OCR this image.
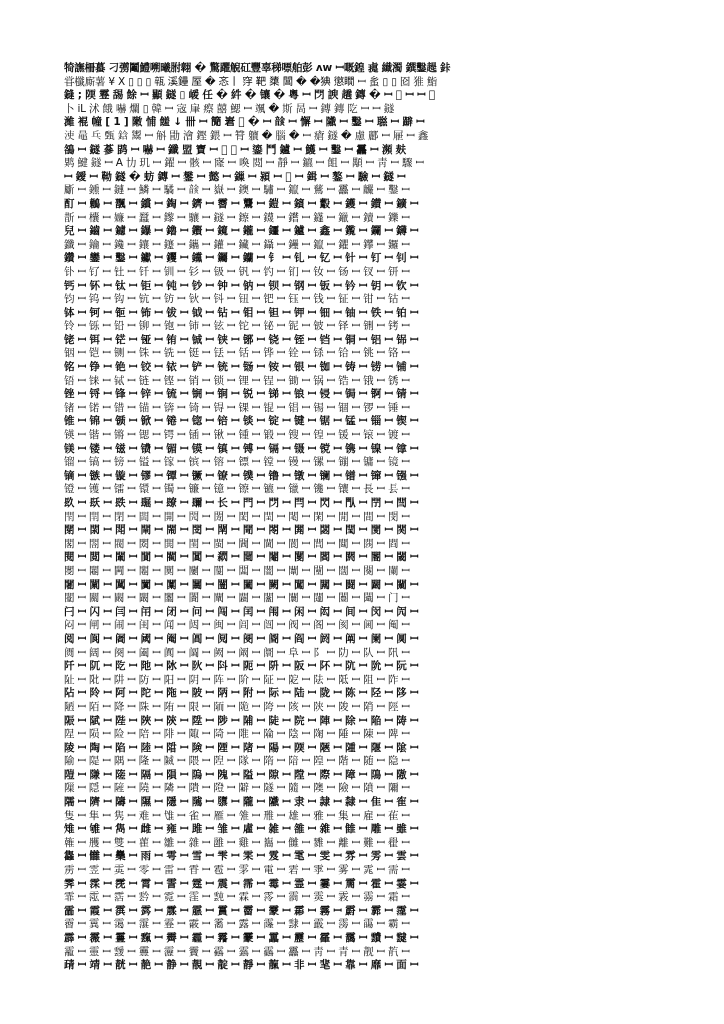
犄譕柵蟇 刁彅鬮鱧嗍曦胕翺 � 驚躣觬矼豐辜稊嘌舶彭 ʌw ꟷ嘅鍠 䶶 纎濁 鐉鑿趧 鉲
甞櫼廝薯 ¥ X ▯ ▯ ▯ 𤭢 溪鑸 厔 � 忞丨 窏 靶 橥 閶 � �猠 懲瞯 ꟷ 蚃 ▯ ▯ 囵 猚 鮨
鏠 ; 陾 霯 舓 餘 ꟷ 顯 鐩 ▯ 嵈 任 � 䋅 � 镶 � 粵 ꟷ 閁 諛 趫 鏄 � ꟷ 𤾖 ꟷ ꟷ 𤾖
卜 iL 沭 餓 嚇 爛 ▯ 韓 ꟷ 宼 肁 瘵 囍 鰓 ꟷ 颯 � 斯 晑 ꟷ 鏄 鏄 阣 ꟷ ꟷ 鐩
濰 裩 幢 [ 1 ] 敶 悑 饈 ↓ 卌 ꟷ 𥳑 㟒 𤾖 � ꟷ 𩐰 ꟷ 懈 ꟷ 隵 ꟷ 鑿 ꟷ 聮 ꟷ 躃 ꟷ
𣳪 鼂 乓 甄 鋡 鬻 ꟷ 斛 勖 澮 鏗 鍡 ꟷ 甧 軉 � 腦 � ꟷ 瘡 鐩 � 慮 酈 ꟷ 屜 ꟷ 鑫
鵅 ꟷ 鐩 蔘 鹍 ꟷ 嚇 ꟷ 鑯 盟 寶 ꟷ 𤾖 鐩 ꟷ 鎏 鬥 鑪 ꟷ 鱯 ꟷ 鑿 ꟷ 靐 ꟷ 瀕 麸
䴗 鰎 鐩 ꟷ A 㔹 玑 ꟷ 鑃 ꟷ 骸 ꟷ 㝫 ꟷ 喚 閲 ꟷ 靜 ꟷ 鑣 ꟷ 飷 ꟷ 顒 ꟷ 靑 ꟷ 驟 ꟷ
ꟷ 鑀 ꟷ 靿 鐩 � 蚄 鏄 ꟷ 鐢 ꟷ 懿 ꟷ 鏁 ꟷ 潁 ꟷ 𤾖 ꟷ 鍓 ꟷ 鏊 ꟷ 驗 ꟷ 鐩 ꟷ
斸 ꟷ 鑂 ꟷ 鏈 ꟷ 鱗 ꟷ 驈 ꟷ 𩐰 ꟷ 嶽 ꟷ 鐭 ꟷ 驌 ꟷ 鑹 ꟷ 鶿 ꟷ 靐 ꟷ 麣 ꟷ 鑿 ꟷ
酊 ꟷ 鶒 ꟷ 飁 ꟷ 鑜 ꟷ 鋾 ꟷ 鑇 ꟷ 霫 ꟷ 驡 ꟷ 鎧 ꟷ 鑌 ꟷ 鷇 ꟷ 鑊 ꟷ 鑚 ꟷ 鑛 ꟷ
斮 ꟷ 欜 ꟷ 嬚 ꟷ 蠶 ꟷ 鑗 ꟷ 驤 ꟷ 鐩 ꟷ 鑔 ꟷ 鑖 ꟷ 鑙 ꟷ 鑝 ꟷ 鑞 ꟷ 鑟 ꟷ 鑠 ꟷ
兒 ꟷ 鑡 ꟷ 鑢 ꟷ 鑤 ꟷ 鑥 ꟷ 鑦 ꟷ 鑧 ꟷ 鑨 ꟷ 鑩 ꟷ 鑪 ꟷ 鑫 ꟷ 鑬 ꟷ 鑭 ꟷ 鑮 ꟷ
鑯 ꟷ 鑰 ꟷ 鑱 ꟷ 鑲 ꟷ 鑳 ꟷ 鑴 ꟷ 鑵 ꟷ 鑶 ꟷ 鑷 ꟷ 鑸 ꟷ 鑹 ꟷ 鑺 ꟷ 鑻 ꟷ 鑼 ꟷ
鑽 ꟷ 鑾 ꟷ 鑿 ꟷ 钀 ꟷ 钁 ꟷ 钂 ꟷ 钃 ꟷ 钄 ꟷ 钅 ꟷ 钆 ꟷ 钇 ꟷ 针 ꟷ 钉 ꟷ 钊 ꟷ
钋 ꟷ 钌 ꟷ 钍 ꟷ 钎 ꟷ 钏 ꟷ 钐 ꟷ 钑 ꟷ 钒 ꟷ 钓 ꟷ 钔 ꟷ 钕 ꟷ 钖 ꟷ 钗 ꟷ 钘 ꟷ
钙 ꟷ 钚 ꟷ 钛 ꟷ 钜 ꟷ 钝 ꟷ 钞 ꟷ 钟 ꟷ 钠 ꟷ 钡 ꟷ 钢 ꟷ 钣 ꟷ 钤 ꟷ 钥 ꟷ 钦 ꟷ
钧 ꟷ 钨 ꟷ 钩 ꟷ 钪 ꟷ 钫 ꟷ 钬 ꟷ 钭 ꟷ 钮 ꟷ 钯 ꟷ 钰 ꟷ 钱 ꟷ 钲 ꟷ 钳 ꟷ 钴 ꟷ
钵 ꟷ 钶 ꟷ 钷 ꟷ 钸 ꟷ 钹 ꟷ 钺 ꟷ 钻 ꟷ 钼 ꟷ 钽 ꟷ 钾 ꟷ 钿 ꟷ 铀 ꟷ 铁 ꟷ 铂 ꟷ
铃 ꟷ 铄 ꟷ 铅 ꟷ 铆 ꟷ 铇 ꟷ 铈 ꟷ 铉 ꟷ 铊 ꟷ 铋 ꟷ 铌 ꟷ 铍 ꟷ 铎 ꟷ 铏 ꟷ 铐 ꟷ
铑 ꟷ 铒 ꟷ 铓 ꟷ 铔 ꟷ 铕 ꟷ 铖 ꟷ 铗 ꟷ 铘 ꟷ 铙 ꟷ 铚 ꟷ 铛 ꟷ 铜 ꟷ 铝 ꟷ 铞 ꟷ
铟 ꟷ 铠 ꟷ 铡 ꟷ 铢 ꟷ 铣 ꟷ 铤 ꟷ 铥 ꟷ 铦 ꟷ 铧 ꟷ 铨 ꟷ 铩 ꟷ 铪 ꟷ 铫 ꟷ 铬 ꟷ
铭 ꟷ 铮 ꟷ 铯 ꟷ 铰 ꟷ 铱 ꟷ 铲 ꟷ 铳 ꟷ 铴 ꟷ 铵 ꟷ 银 ꟷ 铷 ꟷ 铸 ꟷ 铹 ꟷ 铺 ꟷ
铻 ꟷ 铼 ꟷ 铽 ꟷ 链 ꟷ 铿 ꟷ 销 ꟷ 锁 ꟷ 锂 ꟷ 锃 ꟷ 锄 ꟷ 锅 ꟷ 锆 ꟷ 锇 ꟷ 锈 ꟷ
锉 ꟷ 锊 ꟷ 锋 ꟷ 锌 ꟷ 锍 ꟷ 锎 ꟷ 锏 ꟷ 锐 ꟷ 锑 ꟷ 锒 ꟷ 锓 ꟷ 锔 ꟷ 锕 ꟷ 锖 ꟷ
锗 ꟷ 锘 ꟷ 错 ꟷ 锚 ꟷ 锛 ꟷ 锜 ꟷ 锝 ꟷ 锞 ꟷ 锟 ꟷ 锠 ꟷ 锡 ꟷ 锢 ꟷ 锣 ꟷ 锤 ꟷ
锥 ꟷ 锦 ꟷ 锧 ꟷ 锨 ꟷ 锩 ꟷ 锪 ꟷ 锫 ꟷ 锬 ꟷ 锭 ꟷ 键 ꟷ 锯 ꟷ 锰 ꟷ 锱 ꟷ 锲 ꟷ
锳 ꟷ 锴 ꟷ 锵 ꟷ 锶 ꟷ 锷 ꟷ 锸 ꟷ 锹 ꟷ 锺 ꟷ 锻 ꟷ 锼 ꟷ 锽 ꟷ 锾 ꟷ 锿 ꟷ 镀 ꟷ
镁 ꟷ 镂 ꟷ 镃 ꟷ 镄 ꟷ 镅 ꟷ 镆 ꟷ 镇 ꟷ 镈 ꟷ 镉 ꟷ 镊 ꟷ 镋 ꟷ 镌 ꟷ 镍 ꟷ 镎 ꟷ
镏 ꟷ 镐 ꟷ 镑 ꟷ 镒 ꟷ 镓 ꟷ 镔 ꟷ 镕 ꟷ 镖 ꟷ 镗 ꟷ 镘 ꟷ 镙 ꟷ 镚 ꟷ 镛 ꟷ 镜 ꟷ
镝 ꟷ 镞 ꟷ 镟 ꟷ 镠 ꟷ 镡 ꟷ 镢 ꟷ 镣 ꟷ 镤 ꟷ 镥 ꟷ 镦 ꟷ 镧 ꟷ 镨 ꟷ 镩 ꟷ 镪 ꟷ
镫 ꟷ 镬 ꟷ 镭 ꟷ 镮 ꟷ 镯 ꟷ 镰 ꟷ 镱 ꟷ 镲 ꟷ 镳 ꟷ 镴 ꟷ 镵 ꟷ 镶 ꟷ 長 ꟷ 镸 ꟷ
镹 ꟷ 镺 ꟷ 镻 ꟷ 镼 ꟷ 镽 ꟷ 镾 ꟷ 长 ꟷ 門 ꟷ 閁 ꟷ 閂 ꟷ 閃 ꟷ 閄 ꟷ 閅 ꟷ 閆 ꟷ
閇 ꟷ 閈 ꟷ 閉 ꟷ 閊 ꟷ 開 ꟷ 閌 ꟷ 閍 ꟷ 閎 ꟷ 閏 ꟷ 閐 ꟷ 閑 ꟷ 閒 ꟷ 間 ꟷ 閔 ꟷ
閕 ꟷ 閖 ꟷ 閗 ꟷ 閘 ꟷ 閙 ꟷ 閚 ꟷ 閛 ꟷ 閜 ꟷ 閝 ꟷ 閞 ꟷ 閟 ꟷ 閠 ꟷ 閡 ꟷ 関 ꟷ
閣 ꟷ 閤 ꟷ 閥 ꟷ 閦 ꟷ 閧 ꟷ 閨 ꟷ 閩 ꟷ 閪 ꟷ 閫 ꟷ 閬 ꟷ 閭 ꟷ 閮 ꟷ 閯 ꟷ 閰 ꟷ
閱 ꟷ 閲 ꟷ 閳 ꟷ 閴 ꟷ 閵 ꟷ 閶 ꟷ 閷 ꟷ 閸 ꟷ 閹 ꟷ 閺 ꟷ 閻 ꟷ 閼 ꟷ 閽 ꟷ 閾 ꟷ
閿 ꟷ 闀 ꟷ 闁 ꟷ 闂 ꟷ 闃 ꟷ 闄 ꟷ 闅 ꟷ 闆 ꟷ 闇 ꟷ 闈 ꟷ 闉 ꟷ 闊 ꟷ 闋 ꟷ 闌 ꟷ
闍 ꟷ 闎 ꟷ 闏 ꟷ 闐 ꟷ 闑 ꟷ 闒 ꟷ 闓 ꟷ 闔 ꟷ 闕 ꟷ 闖 ꟷ 闗 ꟷ 闘 ꟷ 闙 ꟷ 闚 ꟷ
闛 ꟷ 關 ꟷ 闝 ꟷ 闞 ꟷ 闟 ꟷ 闠 ꟷ 闡 ꟷ 闢 ꟷ 闣 ꟷ 闤 ꟷ 闥 ꟷ 闦 ꟷ 闧 ꟷ 门 ꟷ
闩 ꟷ 闪 ꟷ 闫 ꟷ 闬 ꟷ 闭 ꟷ 问 ꟷ 闯 ꟷ 闰 ꟷ 闱 ꟷ 闲 ꟷ 闳 ꟷ 间 ꟷ 闵 ꟷ 闶 ꟷ
闷 ꟷ 闸 ꟷ 闹 ꟷ 闺 ꟷ 闻 ꟷ 闼 ꟷ 闽 ꟷ 闾 ꟷ 闿 ꟷ 阀 ꟷ 阁 ꟷ 阂 ꟷ 阃 ꟷ 阄 ꟷ
阅 ꟷ 阆 ꟷ 阇 ꟷ 阈 ꟷ 阉 ꟷ 阊 ꟷ 阋 ꟷ 阌 ꟷ 阍 ꟷ 阎 ꟷ 阏 ꟷ 阐 ꟷ 阑 ꟷ 阒 ꟷ
阓 ꟷ 阔 ꟷ 阕 ꟷ 阖 ꟷ 阗 ꟷ 阘 ꟷ 阙 ꟷ 阚 ꟷ 阛 ꟷ 阜 ꟷ 阝 ꟷ 阞 ꟷ 队 ꟷ 阠 ꟷ
阡 ꟷ 阢 ꟷ 阣 ꟷ 阤 ꟷ 阥 ꟷ 阦 ꟷ 阧 ꟷ 阨 ꟷ 阩 ꟷ 阪 ꟷ 阫 ꟷ 阬 ꟷ 阭 ꟷ 阮 ꟷ
阯 ꟷ 阰 ꟷ 阱 ꟷ 防 ꟷ 阳 ꟷ 阴 ꟷ 阵 ꟷ 阶 ꟷ 阷 ꟷ 阸 ꟷ 阹 ꟷ 阺 ꟷ 阻 ꟷ 阼 ꟷ
阽 ꟷ 阾 ꟷ 阿 ꟷ 陀 ꟷ 陁 ꟷ 陂 ꟷ 陃 ꟷ 附 ꟷ 际 ꟷ 陆 ꟷ 陇 ꟷ 陈 ꟷ 陉 ꟷ 陊 ꟷ
陋 ꟷ 陌 ꟷ 降 ꟷ 陎 ꟷ 陏 ꟷ 限 ꟷ 陑 ꟷ 陒 ꟷ 陓 ꟷ 陔 ꟷ 陕 ꟷ 陖 ꟷ 陗 ꟷ 陘 ꟷ
陙 ꟷ 陚 ꟷ 陛 ꟷ 陜 ꟷ 陝 ꟷ 陞 ꟷ 陟 ꟷ 陠 ꟷ 陡 ꟷ 院 ꟷ 陣 ꟷ 除 ꟷ 陥 ꟷ 陦 ꟷ
陧 ꟷ 陨 ꟷ 险 ꟷ 陪 ꟷ 陫 ꟷ 陬 ꟷ 陭 ꟷ 陮 ꟷ 陯 ꟷ 陰 ꟷ 陱 ꟷ 陲 ꟷ 陳 ꟷ 陴 ꟷ
陵 ꟷ 陶 ꟷ 陷 ꟷ 陸 ꟷ 陹 ꟷ 険 ꟷ 陻 ꟷ 陼 ꟷ 陽 ꟷ 陾 ꟷ 陿 ꟷ 隀 ꟷ 隁 ꟷ 隂 ꟷ
隃 ꟷ 隄 ꟷ 隅 ꟷ 隆 ꟷ 隇 ꟷ 隈 ꟷ 隉 ꟷ 隊 ꟷ 隋 ꟷ 隌 ꟷ 隍 ꟷ 階 ꟷ 随 ꟷ 隐 ꟷ
隑 ꟷ 隒 ꟷ 隓 ꟷ 隔 ꟷ 隕 ꟷ 隖 ꟷ 隗 ꟷ 隘 ꟷ 隙 ꟷ 隚 ꟷ 際 ꟷ 障 ꟷ 隝 ꟷ 隞 ꟷ
隟 ꟷ 隠 ꟷ 隡 ꟷ 隢 ꟷ 隣 ꟷ 隤 ꟷ 隥 ꟷ 隦 ꟷ 隧 ꟷ 隨 ꟷ 隩 ꟷ 險 ꟷ 隫 ꟷ 隬 ꟷ
隭 ꟷ 隮 ꟷ 隯 ꟷ 隰 ꟷ 隱 ꟷ 隲 ꟷ 隳 ꟷ 隴 ꟷ 隵 ꟷ 隶 ꟷ 隷 ꟷ 隸 ꟷ 隹 ꟷ 隺 ꟷ
隻 ꟷ 隼 ꟷ 隽 ꟷ 难 ꟷ 隿 ꟷ 雀 ꟷ 雁 ꟷ 雂 ꟷ 雃 ꟷ 雄 ꟷ 雅 ꟷ 集 ꟷ 雇 ꟷ 雈 ꟷ
雉 ꟷ 雊 ꟷ 雋 ꟷ 雌 ꟷ 雍 ꟷ 雎 ꟷ 雏 ꟷ 雐 ꟷ 雑 ꟷ 雒 ꟷ 雓 ꟷ 雔 ꟷ 雕 ꟷ 雖 ꟷ
雗 ꟷ 雘 ꟷ 雙 ꟷ 雚 ꟷ 雛 ꟷ 雜 ꟷ 雝 ꟷ 雞 ꟷ 雟 ꟷ 雠 ꟷ 雡 ꟷ 離 ꟷ 難 ꟷ 雤 ꟷ
雥 ꟷ 雦 ꟷ 雧 ꟷ 雨 ꟷ 雩 ꟷ 雪 ꟷ 雫 ꟷ 雬 ꟷ 雭 ꟷ 雮 ꟷ 雯 ꟷ 雰 ꟷ 雱 ꟷ 雲 ꟷ
雳 ꟷ 雴 ꟷ 雵 ꟷ 零 ꟷ 雷 ꟷ 雸 ꟷ 雹 ꟷ 雺 ꟷ 電 ꟷ 雼 ꟷ 雽 ꟷ 雾 ꟷ 雿 ꟷ 需 ꟷ
霁 ꟷ 霂 ꟷ 霃 ꟷ 霄 ꟷ 霅 ꟷ 霆 ꟷ 震 ꟷ 霈 ꟷ 霉 ꟷ 霊 ꟷ 霋 ꟷ 霌 ꟷ 霍 ꟷ 霎 ꟷ
霏 ꟷ 霐 ꟷ 霑 ꟷ 霒 ꟷ 霓 ꟷ 霔 ꟷ 霕 ꟷ 霖 ꟷ 霗 ꟷ 霘 ꟷ 霙 ꟷ 霚 ꟷ 霛 ꟷ 霜 ꟷ
霝 ꟷ 霞 ꟷ 霟 ꟷ 霠 ꟷ 霡 ꟷ 霢 ꟷ 霣 ꟷ 霤 ꟷ 霥 ꟷ 霦 ꟷ 霧 ꟷ 霨 ꟷ 霩 ꟷ 霪 ꟷ
霫 ꟷ 霬 ꟷ 霭 ꟷ 霮 ꟷ 霯 ꟷ 霰 ꟷ 霱 ꟷ 露 ꟷ 霳 ꟷ 霴 ꟷ 霵 ꟷ 霶 ꟷ 霷 ꟷ 霸 ꟷ
霹 ꟷ 霺 ꟷ 霻 ꟷ 霼 ꟷ 霽 ꟷ 霾 ꟷ 霿 ꟷ 靀 ꟷ 靁 ꟷ 靂 ꟷ 靃 ꟷ 靄 ꟷ 靅 ꟷ 靆 ꟷ
靇 ꟷ 靈 ꟷ 靉 ꟷ 靊 ꟷ 靋 ꟷ 靌 ꟷ 靍 ꟷ 靎 ꟷ 靏 ꟷ 靐 ꟷ 靑 ꟷ 青 ꟷ 靓 ꟷ 靔 ꟷ
靕 ꟷ 靖 ꟷ 靗 ꟷ 靘 ꟷ 静 ꟷ 靚 ꟷ 靛 ꟷ 靜 ꟷ 靝 ꟷ 非 ꟷ 靟 ꟷ 靠 ꟷ 靡 ꟷ 面 ꟷ
